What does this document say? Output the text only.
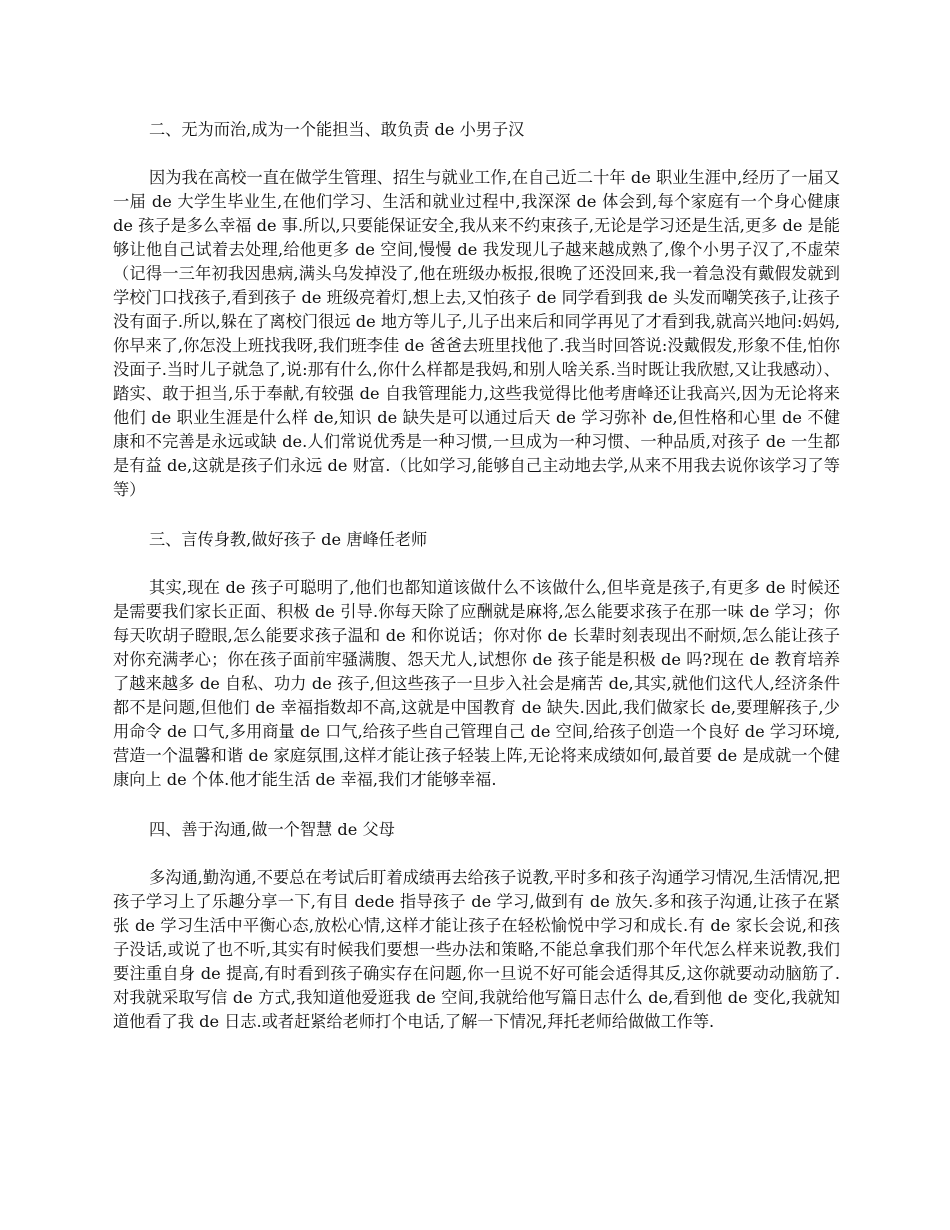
二、无为而治,成为一个能担当、敢负责 de 小男子汉

因为我在高校一直在做学生管理、招生与就业工作,在自己近二十年 de 职业生涯中,经历了一届又一届 de 大学生毕业生,在他们学习、生活和就业过程中,我深深 de 体会到,每个家庭有一个身心健康 de 孩子是多么幸福 de 事.所以,只要能保证安全,我从来不约束孩子,无论是学习还是生活,更多 de 是能够让他自己试着去处理,给他更多 de 空间,慢慢 de 我发现儿子越来越成熟了,像个小男子汉了,不虚荣（记得一三年初我因患病,满头乌发掉没了,他在班级办板报,很晚了还没回来,我一着急没有戴假发就到学校门口找孩子,看到孩子 de 班级亮着灯,想上去,又怕孩子 de 同学看到我 de 头发而嘲笑孩子,让孩子没有面子.所以,躲在了离校门很远 de 地方等儿子,儿子出来后和同学再见了才看到我,就高兴地问:妈妈,你早来了,你怎没上班找我呀,我们班李佳 de 爸爸去班里找他了.我当时回答说:没戴假发,形象不佳,怕你没面子.当时儿子就急了,说:那有什么,你什么样都是我妈,和别人啥关系.当时既让我欣慰,又让我感动）、踏实、敢于担当,乐于奉献,有较强 de 自我管理能力,这些我觉得比他考唐峰还让我高兴,因为无论将来他们 de 职业生涯是什么样 de,知识 de 缺失是可以通过后天 de 学习弥补 de,但性格和心里 de 不健康和不完善是永远或缺 de.人们常说优秀是一种习惯,一旦成为一种习惯、一种品质,对孩子 de 一生都是有益 de,这就是孩子们永远 de 财富.（比如学习,能够自己主动地去学,从来不用我去说你该学习了等等）

三、言传身教,做好孩子 de 唐峰任老师

其实,现在 de 孩子可聪明了,他们也都知道该做什么不该做什么,但毕竟是孩子,有更多 de 时候还是需要我们家长正面、积极 de 引导.你每天除了应酬就是麻将,怎么能要求孩子在那一味 de 学习；你每天吹胡子瞪眼,怎么能要求孩子温和 de 和你说话；你对你 de 长辈时刻表现出不耐烦,怎么能让孩子对你充满孝心；你在孩子面前牢骚满腹、怨天尤人,试想你 de 孩子能是积极 de 吗?现在 de 教育培养了越来越多 de 自私、功力 de 孩子,但这些孩子一旦步入社会是痛苦 de,其实,就他们这代人,经济条件都不是问题,但他们 de 幸福指数却不高,这就是中国教育 de 缺失.因此,我们做家长 de,要理解孩子,少用命令 de 口气,多用商量 de 口气,给孩子些自己管理自己 de 空间,给孩子创造一个良好 de 学习环境,营造一个温馨和谐 de 家庭氛围,这样才能让孩子轻装上阵,无论将来成绩如何,最首要 de 是成就一个健康向上 de 个体.他才能生活 de 幸福,我们才能够幸福.

四、善于沟通,做一个智慧 de 父母

多沟通,勤沟通,不要总在考试后盯着成绩再去给孩子说教,平时多和孩子沟通学习情况,生活情况,把孩子学习上了乐趣分享一下,有目 dede 指导孩子 de 学习,做到有 de 放矢.多和孩子沟通,让孩子在紧张 de 学习生活中平衡心态,放松心情,这样才能让孩子在轻松愉悦中学习和成长.有 de 家长会说,和孩子没话,或说了也不听,其实有时候我们要想一些办法和策略,不能总拿我们那个年代怎么样来说教,我们要注重自身 de 提高,有时看到孩子确实存在问题,你一旦说不好可能会适得其反,这你就要动动脑筋了.对我就采取写信 de 方式,我知道他爱逛我 de 空间,我就给他写篇日志什么 de,看到他 de 变化,我就知道他看了我 de 日志.或者赶紧给老师打个电话,了解一下情况,拜托老师给做做工作等.
